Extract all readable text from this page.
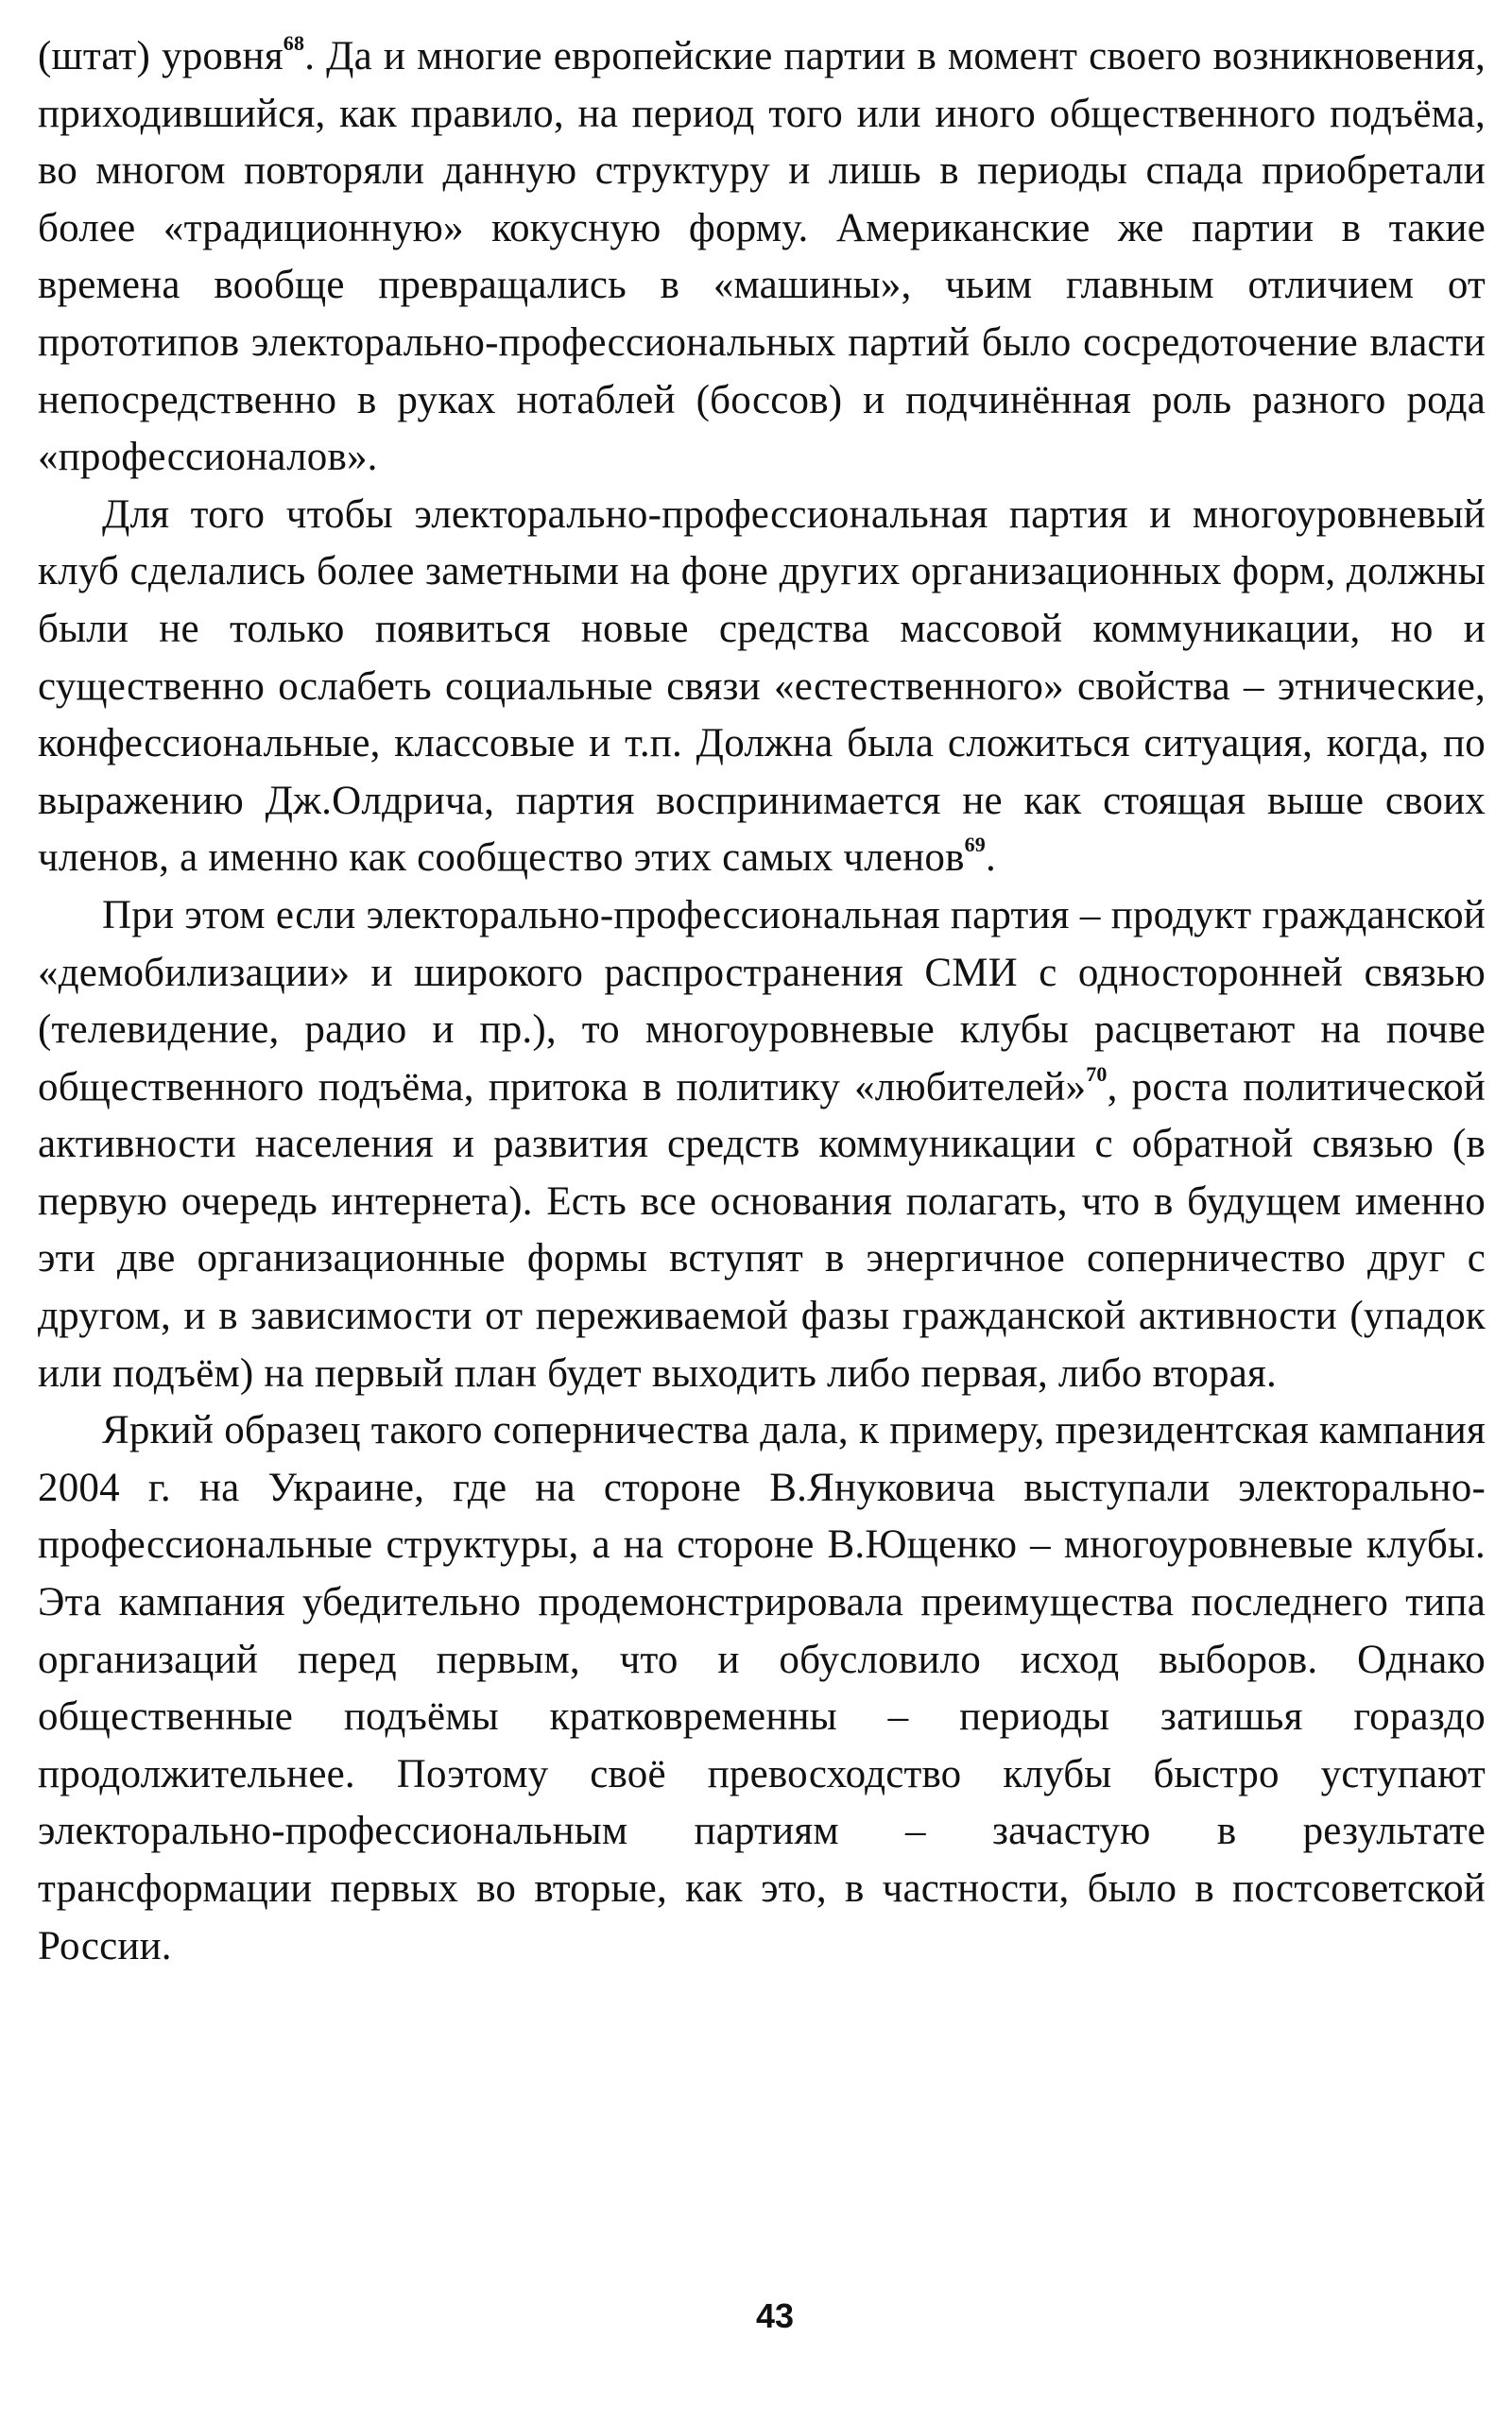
(штат) уровня$^{68}$. Да и многие европейские партии в момент своего возникновения, приходившийся, как правило, на период того или иного общественного подъёма, во многом повторяли данную структуру и лишь в периоды спада приобретали более «традиционную» кокусную форму. Американские же партии в такие времена вообще превращались в «машины», чьим главным отличием от прототипов электорально-профессиональных партий было сосредоточение власти непосредственно в руках нотаблей (боссов) и подчинённая роль разного рода «профессионалов».

Для того чтобы электорально-профессиональная партия и многоуровневый клуб сделались более заметными на фоне других организационных форм, должны были не только появиться новые средства массовой коммуникации, но и существенно ослабеть социальные связи «естественного» свойства – этнические, конфессиональные, классовые и т.п. Должна была сложиться ситуация, когда, по выражению Дж.Олдрича, партия воспринимается не как стоящая выше своих членов, а именно как сообщество этих самых членов$^{69}$.

При этом если электорально-профессиональная партия – продукт гражданской «демобилизации» и широкого распространения СМИ с односторонней связью (телевидение, радио и пр.), то многоуровневые клубы расцветают на почве общественного подъёма, притока в политику «любителей»$^{70}$, роста политической активности населения и развития средств коммуникации с обратной связью (в первую очередь интернета). Есть все основания полагать, что в будущем именно эти две организационные формы вступят в энергичное соперничество друг с другом, и в зависимости от переживаемой фазы гражданской активности (упадок или подъём) на первый план будет выходить либо первая, либо вторая.

Яркий образец такого соперничества дала, к примеру, президентская кампания 2004 г. на Украине, где на стороне В.Януковича выступали электорально-профессиональные структуры, а на стороне В.Ющенко – многоуровневые клубы. Эта кампания убедительно продемонстрировала преимущества последнего типа организаций перед первым, что и обусловило исход выборов. Однако общественные подъёмы кратковременны – периоды затишья гораздо продолжительнее. Поэтому своё превосходство клубы быстро уступают электорально-профессиональным партиям – зачастую в результате трансформации первых во вторые, как это, в частности, было в постсоветской России.

43
